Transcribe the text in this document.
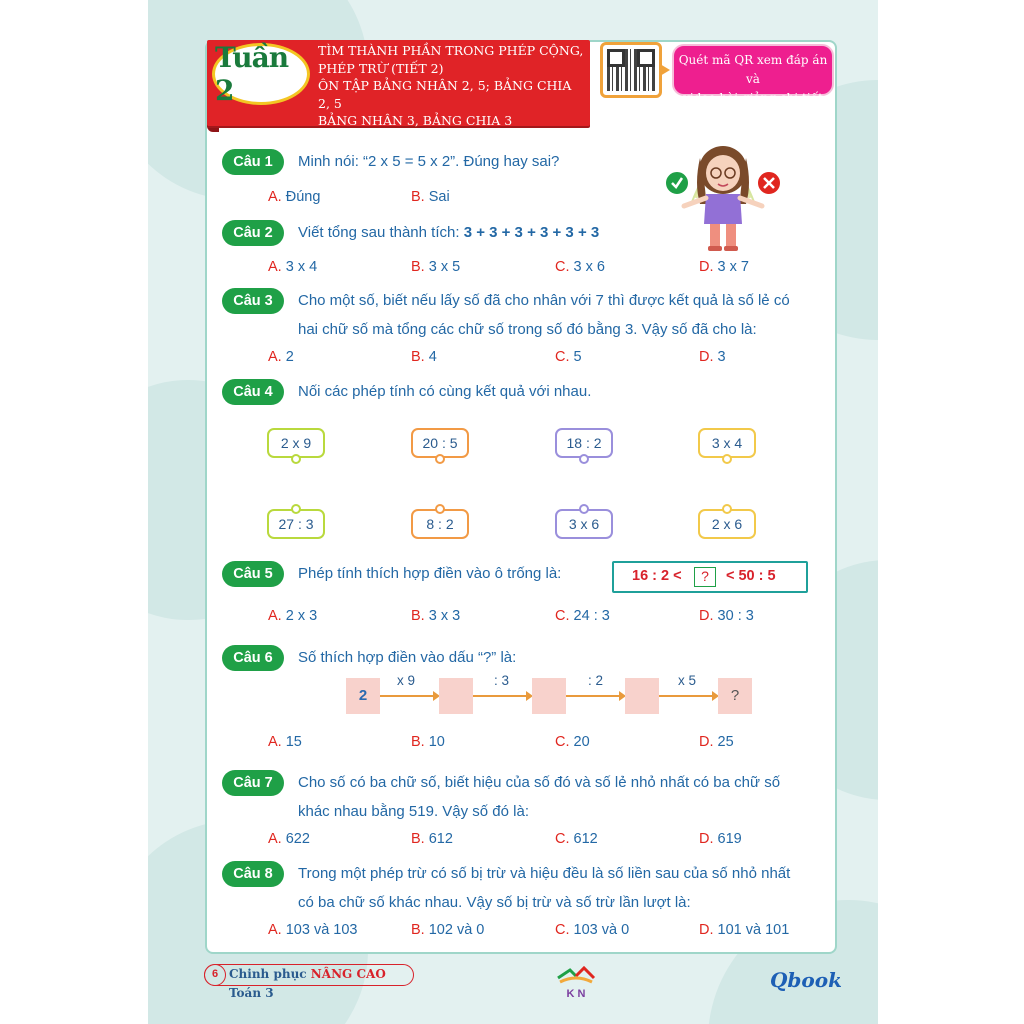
Tuần 2
TÌM THÀNH PHẦN TRONG PHÉP CỘNG,
PHÉP TRỪ (TIẾT 2)
ÔN TẬP BẢNG NHÂN 2, 5; BẢNG CHIA 2, 5
BẢNG NHÂN 3, BẢNG CHIA 3
Quét mã QR xem đáp án và
video bài giảng chi tiết
Câu 1	Minh nói: “2 x 5 = 5 x 2”. Đúng hay sai?
A. Đúng	B. Sai
Câu 2	Viết tổng sau thành tích: 3 + 3 + 3 + 3 + 3 + 3
A. 3 x 4	B. 3 x 5	C. 3 x 6	D. 3 x 7
Câu 3	Cho một số, biết nếu lấy số đã cho nhân với 7 thì được kết quả là số lẻ có
hai chữ số mà tổng các chữ số trong số đó bằng 3. Vậy số đã cho là:
A. 2	B. 4	C. 5	D. 3
Câu 4	Nối các phép tính có cùng kết quả với nhau.
2 x 9	20 : 5	18 : 2	3 x 4
27 : 3	8 : 2	3 x 6	2 x 6
Câu 5	Phép tính thích hợp điền vào ô trống là:	16 : 2 <	?	< 50 : 5
A. 2 x 3	B. 3 x 3	C. 24 : 3	D. 30 : 3
Câu 6	Số thích hợp điền vào dấu “?” là:
2
x 9	: 3	: 2	x 5
?
A. 15	B. 10	C. 20	D. 25
Câu 7	Cho số có ba chữ số, biết hiệu của số đó và số lẻ nhỏ nhất có ba chữ số
khác nhau bằng 519. Vậy số đó là:
A. 622	B. 612	C. 612	D. 619
Câu 8	Trong một phép trừ có số bị trừ và hiệu đều là số liền sau của số nhỏ nhất
có ba chữ số khác nhau. Vậy số bị trừ và số trừ lần lượt là:
A. 103 và 103	B. 102 và 0	C. 103 và 0	D. 101 và 101
Chinh phục NÂNG CAO Toán 3
6
K N
Qbook
